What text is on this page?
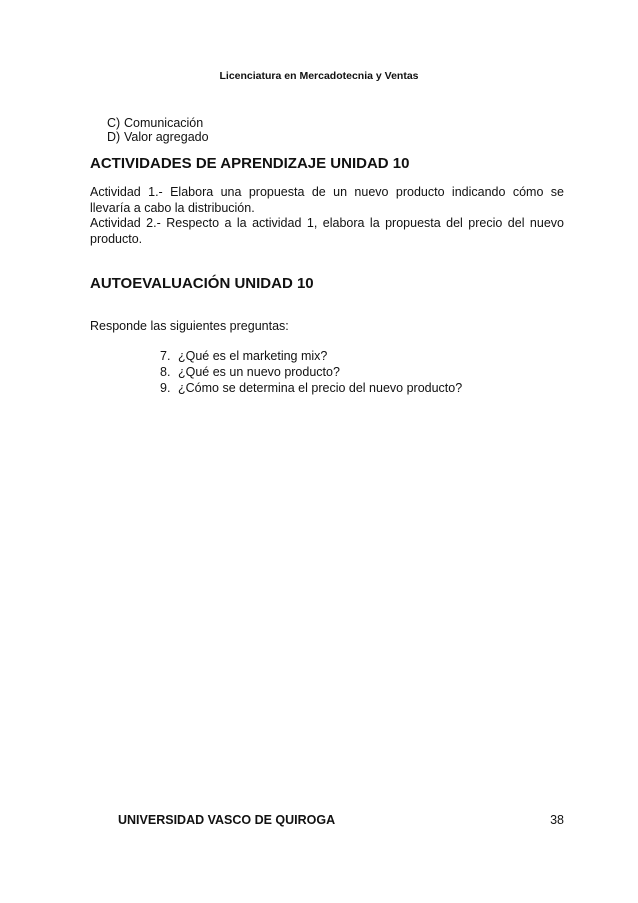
Licenciatura en Mercadotecnia y Ventas
C) Comunicación
D) Valor agregado
ACTIVIDADES DE APRENDIZAJE UNIDAD 10

Actividad 1.- Elabora una propuesta de un nuevo producto indicando cómo se llevaría a cabo la distribución.

Actividad 2.- Respecto a la actividad 1, elabora la propuesta del precio del nuevo producto.

AUTOEVALUACIÓN UNIDAD 10
Responde las siguientes preguntas:
7. ¿Qué es el marketing mix?
8. ¿Qué es un nuevo producto?
9. ¿Cómo se determina el precio del nuevo producto?
UNIVERSIDAD VASCO DE QUIROGA	38
